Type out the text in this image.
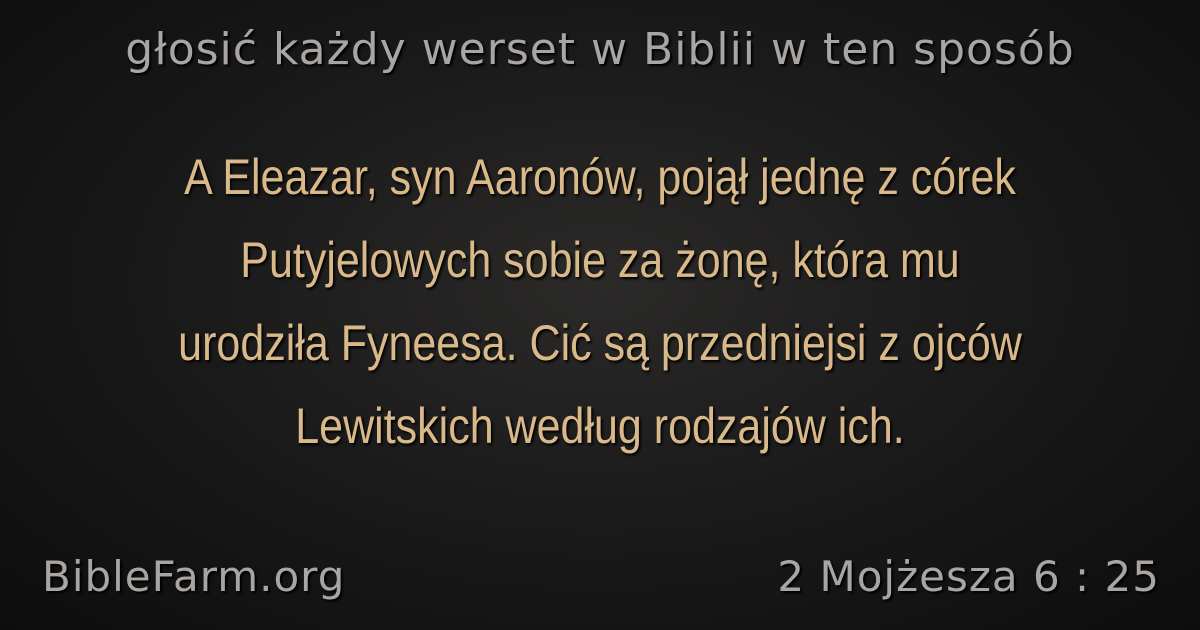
głosić każdy werset w Biblii w ten sposób
A Eleazar, syn Aaronów, pojął jednę z córek
Putyjelowych sobie za żonę, która mu
urodziła Fyneesa. Cić są przedniejsi z ojców
Lewitskich według rodzajów ich.
BibleFarm.org	2 Mojżesza 6 : 25
